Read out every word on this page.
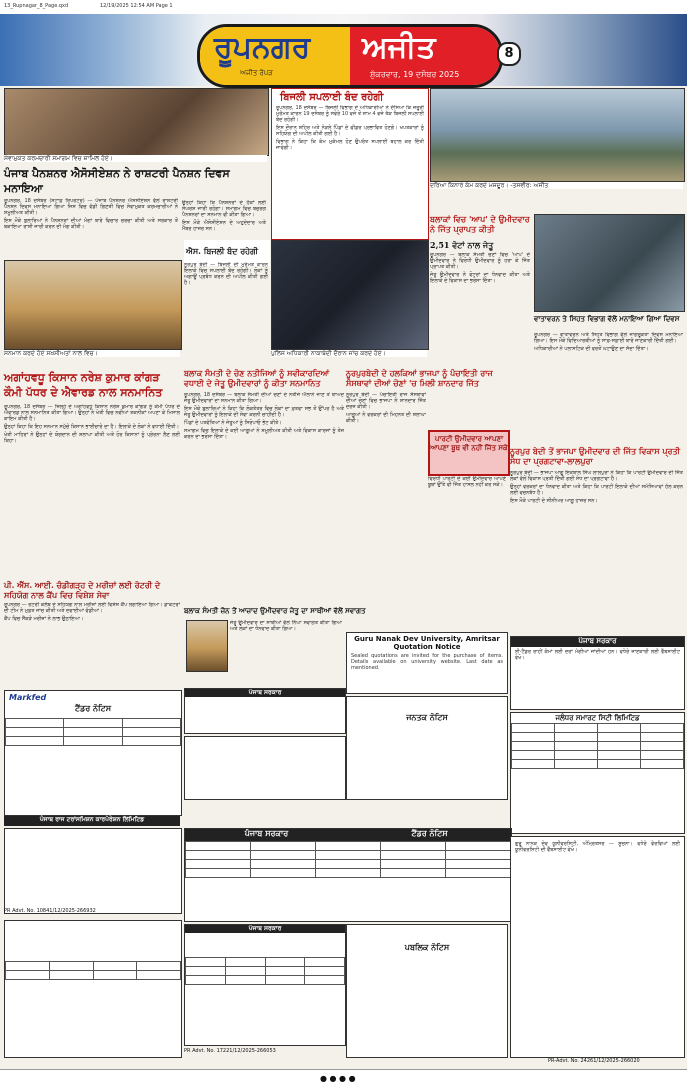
13_Rupnagar_8_Page.qxd	12/19/2025 12:54 AM Page 1
ਰੂਪਨਗਰ ਅਜੀਤ
ਅਜੀਤ ਰੋਪੜ	ਸ਼ੁੱਕਰਵਾਰ, 19 ਦਸੰਬਰ 2025
8
ਸੇਵਾਮੁਕਤ ਕਰਮਚਾਰੀ ਸਮਾਗਮ ਵਿਚ ਸ਼ਾਮਿਲ ਹੋਏ।
ਪੰਜਾਬ ਪੈਨਸ਼ਨਰ ਐਸੋਸੀਏਸ਼ਨ ਨੇ ਰਾਸ਼ਟਰੀ ਪੈਨਸ਼ਨ ਦਿਵਸ ਮਨਾਇਆ

ਰੂਪਨਗਰ, 18 ਦਸੰਬਰ (ਸਟਾਫ਼ ਰਿਪੋਰਟਰ) — ਪੰਜਾਬ ਪੈਨਸ਼ਨਰ ਐਸੋਸੀਏਸ਼ਨ ਵੱਲੋਂ ਰਾਸ਼ਟਰੀ ਪੈਨਸ਼ਨ ਦਿਵਸ ਮਨਾਇਆ ਗਿਆ ਜਿਸ ਵਿਚ ਵੱਡੀ ਗਿਣਤੀ ਵਿਚ ਸੇਵਾਮੁਕਤ ਕਰਮਚਾਰੀਆਂ ਨੇ ਸ਼ਮੂਲੀਅਤ ਕੀਤੀ।

ਇਸ ਮੌਕੇ ਬੁਲਾਰਿਆਂ ਨੇ ਪੈਨਸ਼ਨਰਾਂ ਦੀਆਂ ਮੰਗਾਂ ਬਾਰੇ ਵਿਚਾਰ ਚਰਚਾ ਕੀਤੀ ਅਤੇ ਸਰਕਾਰ ਤੋਂ ਬਕਾਇਆ ਰਾਸ਼ੀ ਜਾਰੀ ਕਰਨ ਦੀ ਮੰਗ ਕੀਤੀ।

ਸਨਮਾਨ ਕਰਦੇ ਹੋਏ ਸਖ਼ਸੀਅਤਾਂ ਨਾਲ ਵਿਚ।

ਉਨ੍ਹਾਂ ਕਿਹਾ ਕਿ ਪੈਨਸ਼ਨਰਾਂ ਦੇ ਹੱਕਾਂ ਲਈ ਸੰਘਰਸ਼ ਜਾਰੀ ਰਹੇਗਾ। ਸਮਾਗਮ ਵਿਚ ਬਜ਼ੁਰਗ ਪੈਨਸ਼ਨਰਾਂ ਦਾ ਸਨਮਾਨ ਵੀ ਕੀਤਾ ਗਿਆ।

ਇਸ ਮੌਕੇ ਐਸੋਸੀਏਸ਼ਨ ਦੇ ਅਹੁਦੇਦਾਰ ਅਤੇ ਮੈਂਬਰ ਹਾਜ਼ਰ ਸਨ।

ਅਗਾਂਹਵਧੂ ਕਿਸਾਨ ਨਰੇਸ਼ ਕੁਮਾਰ ਕਾਂਗੜ ਕੌਮੀ ਪੱਧਰ ਦੇ ਐਵਾਰਡ ਨਾਲ ਸਨਮਾਨਿਤ

ਰੂਪਨਗਰ, 18 ਦਸੰਬਰ — ਜ਼ਿਲ੍ਹੇ ਦੇ ਅਗਾਂਹਵਧੂ ਕਿਸਾਨ ਨਰੇਸ਼ ਕੁਮਾਰ ਕਾਂਗੜ ਨੂੰ ਕੌਮੀ ਪੱਧਰ ਦੇ ਐਵਾਰਡ ਨਾਲ ਸਨਮਾਨਿਤ ਕੀਤਾ ਗਿਆ। ਉਨ੍ਹਾਂ ਨੇ ਖੇਤੀ ਵਿਚ ਨਵੀਆਂ ਤਕਨੀਕਾਂ ਅਪਣਾ ਕੇ ਮਿਸਾਲ ਕਾਇਮ ਕੀਤੀ ਹੈ।

ਉਨ੍ਹਾਂ ਕਿਹਾ ਕਿ ਇਹ ਸਨਮਾਨ ਸਮੁੱਚੇ ਕਿਸਾਨ ਭਾਈਚਾਰੇ ਦਾ ਹੈ। ਇਲਾਕੇ ਦੇ ਲੋਕਾਂ ਨੇ ਵਧਾਈ ਦਿੱਤੀ।

ਖੇਤੀ ਮਾਹਿਰਾਂ ਨੇ ਉਨ੍ਹਾਂ ਦੇ ਯੋਗਦਾਨ ਦੀ ਸ਼ਲਾਘਾ ਕੀਤੀ ਅਤੇ ਹੋਰ ਕਿਸਾਨਾਂ ਨੂੰ ਪ੍ਰੇਰਨਾ ਲੈਣ ਲਈ ਕਿਹਾ।

ਪੀ. ਐੱਸ. ਆਈ. ਚੰਡੀਗੜ੍ਹ ਦੇ ਮਰੀਜ਼ਾਂ ਲਈ ਰੋਟਰੀ ਦੇ ਸਹਿਯੋਗ ਨਾਲ ਕੈਂਪ ਵਿਚ ਵਿਸ਼ੇਸ਼ ਸੇਵਾ

ਰੂਪਨਗਰ — ਰੋਟਰੀ ਕਲੱਬ ਦੇ ਸਹਿਯੋਗ ਨਾਲ ਮਰੀਜ਼ਾਂ ਲਈ ਵਿਸ਼ੇਸ਼ ਕੈਂਪ ਲਗਾਇਆ ਗਿਆ। ਡਾਕਟਰਾਂ ਦੀ ਟੀਮ ਨੇ ਮੁਫ਼ਤ ਜਾਂਚ ਕੀਤੀ ਅਤੇ ਦਵਾਈਆਂ ਵੰਡੀਆਂ।

ਕੈਂਪ ਵਿਚ ਸੈਂਕੜੇ ਮਰੀਜ਼ਾਂ ਨੇ ਲਾਭ ਉਠਾਇਆ।

ਬਿਜਲੀ ਸਪਲਾਈ ਬੰਦ ਰਹੇਗੀ

ਰੂਪਨਗਰ, 18 ਦਸੰਬਰ — ਬਿਜਲੀ ਵਿਭਾਗ ਦੇ ਅਧਿਕਾਰੀਆਂ ਨੇ ਦੱਸਿਆ ਕਿ ਜ਼ਰੂਰੀ ਮੁਰੰਮਤ ਕਾਰਨ 19 ਦਸੰਬਰ ਨੂੰ ਸਵੇਰੇ 10 ਵਜੇ ਤੋਂ ਸ਼ਾਮ 4 ਵਜੇ ਤੱਕ ਬਿਜਲੀ ਸਪਲਾਈ ਬੰਦ ਰਹੇਗੀ।

ਇਸ ਦੌਰਾਨ ਸ਼ਹਿਰ ਅਤੇ ਨੇੜਲੇ ਪਿੰਡਾਂ ਦੇ ਫੀਡਰ ਪ੍ਰਭਾਵਿਤ ਹੋਣਗੇ। ਖਪਤਕਾਰਾਂ ਨੂੰ ਸਹਿਯੋਗ ਦੀ ਅਪੀਲ ਕੀਤੀ ਗਈ ਹੈ।

ਵਿਭਾਗ ਨੇ ਕਿਹਾ ਕਿ ਕੰਮ ਮੁਕੰਮਲ ਹੋਣ ਉਪਰੰਤ ਸਪਲਾਈ ਬਹਾਲ ਕਰ ਦਿੱਤੀ ਜਾਵੇਗੀ।

ਐਸ. ਬਿਜਲੀ ਬੰਦ ਰਹੇਗੀ

ਨੂਰਪੁਰ ਬੇਦੀ — ਬਿਜਲੀ ਦੀ ਮੁਰੰਮਤ ਕਾਰਨ ਇਲਾਕੇ ਵਿਚ ਸਪਲਾਈ ਬੰਦ ਰਹੇਗੀ। ਲੋਕਾਂ ਨੂੰ ਅਗਾਊਂ ਪ੍ਰਬੰਧ ਕਰਨ ਦੀ ਅਪੀਲ ਕੀਤੀ ਗਈ ਹੈ।

ਪੁਲਿਸ ਅਧਿਕਾਰੀ ਨਾਕਾਬੰਦੀ ਦੌਰਾਨ ਜਾਂਚ ਕਰਦੇ ਹੋਏ।
ਦਰਿਆ ਕਿਨਾਰੇ ਕੰਮ ਕਰਦੇ ਮਜ਼ਦੂਰ। -ਤਸਵੀਰ: ਅਜੀਤ
ਬਲਾਕਾਂ ਵਿਚ 'ਆਪ' ਦੇ ਉਮੀਦਵਾਰ ਨੇ ਜਿੱਤ ਪ੍ਰਾਪਤ ਕੀਤੀ
2,51 ਵੋਟਾਂ ਨਾਲ ਜੇਤੂ

ਰੂਪਨਗਰ — ਬਲਾਕ ਸੰਮਤੀ ਚੋਣਾਂ ਵਿਚ 'ਆਪ' ਦੇ ਉਮੀਦਵਾਰ ਨੇ ਵਿਰੋਧੀ ਉਮੀਦਵਾਰ ਨੂੰ ਹਰਾ ਕੇ ਜਿੱਤ ਪ੍ਰਾਪਤ ਕੀਤੀ।

ਜੇਤੂ ਉਮੀਦਵਾਰ ਨੇ ਵੋਟਰਾਂ ਦਾ ਧੰਨਵਾਦ ਕੀਤਾ ਅਤੇ ਇਲਾਕੇ ਦੇ ਵਿਕਾਸ ਦਾ ਭਰੋਸਾ ਦਿੱਤਾ।

ਵਾਤਾਵਰਨ ਤੇ ਸਿਹਤ ਵਿਭਾਗ ਵੱਲੋਂ ਮਨਾਇਆ ਗਿਆ ਦਿਵਸ

ਰੂਪਨਗਰ — ਵਾਤਾਵਰਨ ਅਤੇ ਸਿਹਤ ਵਿਭਾਗ ਵੱਲੋਂ ਜਾਗਰੂਕਤਾ ਦਿਵਸ ਮਨਾਇਆ ਗਿਆ। ਇਸ ਮੌਕੇ ਵਿਦਿਆਰਥੀਆਂ ਨੂੰ ਸਾਫ਼-ਸਫ਼ਾਈ ਬਾਰੇ ਜਾਣਕਾਰੀ ਦਿੱਤੀ ਗਈ।

ਅਧਿਕਾਰੀਆਂ ਨੇ ਪਲਾਸਟਿਕ ਦੀ ਵਰਤੋਂ ਘਟਾਉਣ ਦਾ ਸੱਦਾ ਦਿੱਤਾ।

ਨੂਰਪੁਰ ਬੇਦੀ ਤੋਂ ਭਾਜਪਾ ਉਮੀਦਵਾਰ ਦੀ ਜਿੱਤ ਵਿਕਾਸ ਪ੍ਰਤੀ ਸੇਧ ਦਾ ਪ੍ਰਗਟਾਵਾ-ਲਾਲਪੁਰਾ

ਨੂਰਪੁਰ ਬੇਦੀ — ਭਾਜਪਾ ਆਗੂ ਇਕਬਾਲ ਸਿੰਘ ਲਾਲਪੁਰਾ ਨੇ ਕਿਹਾ ਕਿ ਪਾਰਟੀ ਉਮੀਦਵਾਰ ਦੀ ਜਿੱਤ ਲੋਕਾਂ ਵੱਲੋਂ ਵਿਕਾਸ ਪ੍ਰਤੀ ਦਿੱਤੀ ਗਈ ਸੇਧ ਦਾ ਪ੍ਰਗਟਾਵਾ ਹੈ।

ਉਨ੍ਹਾਂ ਵਰਕਰਾਂ ਦਾ ਧੰਨਵਾਦ ਕੀਤਾ ਅਤੇ ਕਿਹਾ ਕਿ ਪਾਰਟੀ ਇਲਾਕੇ ਦੀਆਂ ਸਮੱਸਿਆਵਾਂ ਹੱਲ ਕਰਨ ਲਈ ਵਚਨਬੱਧ ਹੈ।

ਇਸ ਮੌਕੇ ਪਾਰਟੀ ਦੇ ਸੀਨੀਅਰ ਆਗੂ ਹਾਜ਼ਰ ਸਨ।

ਬਲਾਕ ਸੰਮਤੀ ਦੇ ਚੋਣ ਨਤੀਜਿਆਂ ਨੂੰ ਸਵੀਕਾਰਦਿਆਂ ਵਧਾਈ ਦੇ ਜੇਤੂ ਉਮੀਦਵਾਰਾਂ ਨੂੰ ਕੀਤਾ ਸਨਮਾਨਿਤ

ਰੂਪਨਗਰ, 18 ਦਸੰਬਰ — ਬਲਾਕ ਸੰਮਤੀ ਦੀਆਂ ਚੋਣਾਂ ਦੇ ਨਤੀਜੇ ਐਲਾਨੇ ਜਾਣ ਤੋਂ ਬਾਅਦ ਜੇਤੂ ਉਮੀਦਵਾਰਾਂ ਦਾ ਸਨਮਾਨ ਕੀਤਾ ਗਿਆ।

ਇਸ ਮੌਕੇ ਬੁਲਾਰਿਆਂ ਨੇ ਕਿਹਾ ਕਿ ਲੋਕਤੰਤਰ ਵਿਚ ਲੋਕਾਂ ਦਾ ਫ਼ਤਵਾ ਸਭ ਤੋਂ ਉੱਪਰ ਹੈ ਅਤੇ ਜੇਤੂ ਉਮੀਦਵਾਰਾਂ ਨੂੰ ਇਲਾਕੇ ਦੀ ਸੇਵਾ ਕਰਨੀ ਚਾਹੀਦੀ ਹੈ।

ਪਿੰਡਾਂ ਦੇ ਪਤਵੰਤਿਆਂ ਨੇ ਜੇਤੂਆਂ ਨੂੰ ਸਿਰੋਪਾਓ ਭੇਟ ਕੀਤੇ।

ਸਮਾਗਮ ਵਿਚ ਇਲਾਕੇ ਦੇ ਕਈ ਆਗੂਆਂ ਨੇ ਸ਼ਮੂਲੀਅਤ ਕੀਤੀ ਅਤੇ ਵਿਕਾਸ ਕਾਰਜਾਂ ਨੂੰ ਤੇਜ਼ ਕਰਨ ਦਾ ਭਰੋਸਾ ਦਿੱਤਾ।

ਨੂਰਪੁਰਬੇਦੀ ਦੇ ਹਲਕਿਆਂ ਭਾਜਪਾ ਨੂੰ ਪੰਚਾਇਤੀ ਰਾਜ ਸੰਸਥਾਵਾਂ ਦੀਆਂ ਚੋਣਾਂ 'ਚ ਮਿਲੀ ਸ਼ਾਨਦਾਰ ਜਿੱਤ

ਨੂਰਪੁਰ ਬੇਦੀ — ਪੰਚਾਇਤੀ ਰਾਜ ਸੰਸਥਾਵਾਂ ਦੀਆਂ ਚੋਣਾਂ ਵਿਚ ਭਾਜਪਾ ਨੇ ਸ਼ਾਨਦਾਰ ਜਿੱਤ ਦਰਜ ਕੀਤੀ।

ਆਗੂਆਂ ਨੇ ਵਰਕਰਾਂ ਦੀ ਮਿਹਨਤ ਦੀ ਸ਼ਲਾਘਾ ਕੀਤੀ।

ਪਾਰਟੀ ਉਮੀਦਵਾਰ ਆਪਣਾ ਆਪਣਾ ਬੂਥ ਵੀ ਨਹੀਂ ਜਿੱਤ ਸਕੇ

ਵਿਰੋਧੀ ਪਾਰਟੀ ਦੇ ਕਈ ਉਮੀਦਵਾਰ ਆਪਣੇ ਬੂਥਾਂ ਉੱਤੇ ਵੀ ਜਿੱਤ ਹਾਸਲ ਨਹੀਂ ਕਰ ਸਕੇ।

ਬਲਾਕ ਸੰਮਤੀ ਜ਼ੋਨ ਤੋਂ ਆਜ਼ਾਦ ਉਮੀਦਵਾਰ ਜੇਤੂ ਦਾ ਸਾਥੀਆਂ ਵੱਲੋਂ ਸਵਾਗਤ

ਜੇਤੂ ਉਮੀਦਵਾਰ ਦਾ ਸਾਥੀਆਂ ਵੱਲੋਂ ਨਿੱਘਾ ਸਵਾਗਤ ਕੀਤਾ ਗਿਆ ਅਤੇ ਲੋਕਾਂ ਦਾ ਧੰਨਵਾਦ ਕੀਤਾ ਗਿਆ।

Guru Nanak Dev University, Amritsar
Quotation Notice
Sealed quotations are invited for the purchase of items. Details available on university website. Last date as mentioned.
ਪੰਜਾਬ ਸਰਕਾਰ
ਈ-ਟੈਂਡਰ ਰਾਹੀਂ ਕੰਮਾਂ ਲਈ ਦਰਾਂ ਮੰਗੀਆਂ ਜਾਂਦੀਆਂ ਹਨ। ਵਧੇਰੇ ਜਾਣਕਾਰੀ ਲਈ ਵੈੱਬਸਾਈਟ ਵੇਖੋ।
ਜਲੰਧਰ ਸਮਾਰਟ ਸਿਟੀ ਲਿਮਿਟਿਡ

Markfed
ਟੈਂਡਰ ਨੋਟਿਸ

ਪੰਜਾਬ ਸਰਕਾਰ
ਜਨਤਕ ਨੋਟਿਸ
ਪੰਜਾਬ ਰਾਜ ਟਰਾਂਸਮਿਸ਼ਨ ਕਾਰਪੋਰੇਸ਼ਨ ਲਿਮਿਟਿਡ
PR Advt. No. 10841/12/2025-266932
ਪੰਜਾਬ ਸਰਕਾਰ	ਟੈਂਡਰ ਨੋਟਿਸ

ਪੰਜਾਬ ਸਰਕਾਰ

PR Advt. No. 17221/12/2025-266053
ਪਬਲਿਕ ਨੋਟਿਸ
ਗੁਰੂ ਨਾਨਕ ਦੇਵ ਯੂਨੀਵਰਸਿਟੀ, ਅੰਮ੍ਰਿਤਸਰ — ਸੂਚਨਾ। ਵਧੇਰੇ ਵੇਰਵਿਆਂ ਲਈ ਯੂਨੀਵਰਸਿਟੀ ਦੀ ਵੈੱਬਸਾਈਟ ਵੇਖੋ।
PR-Advt. No. 24261/12/2025-266020
● ● ● ●
